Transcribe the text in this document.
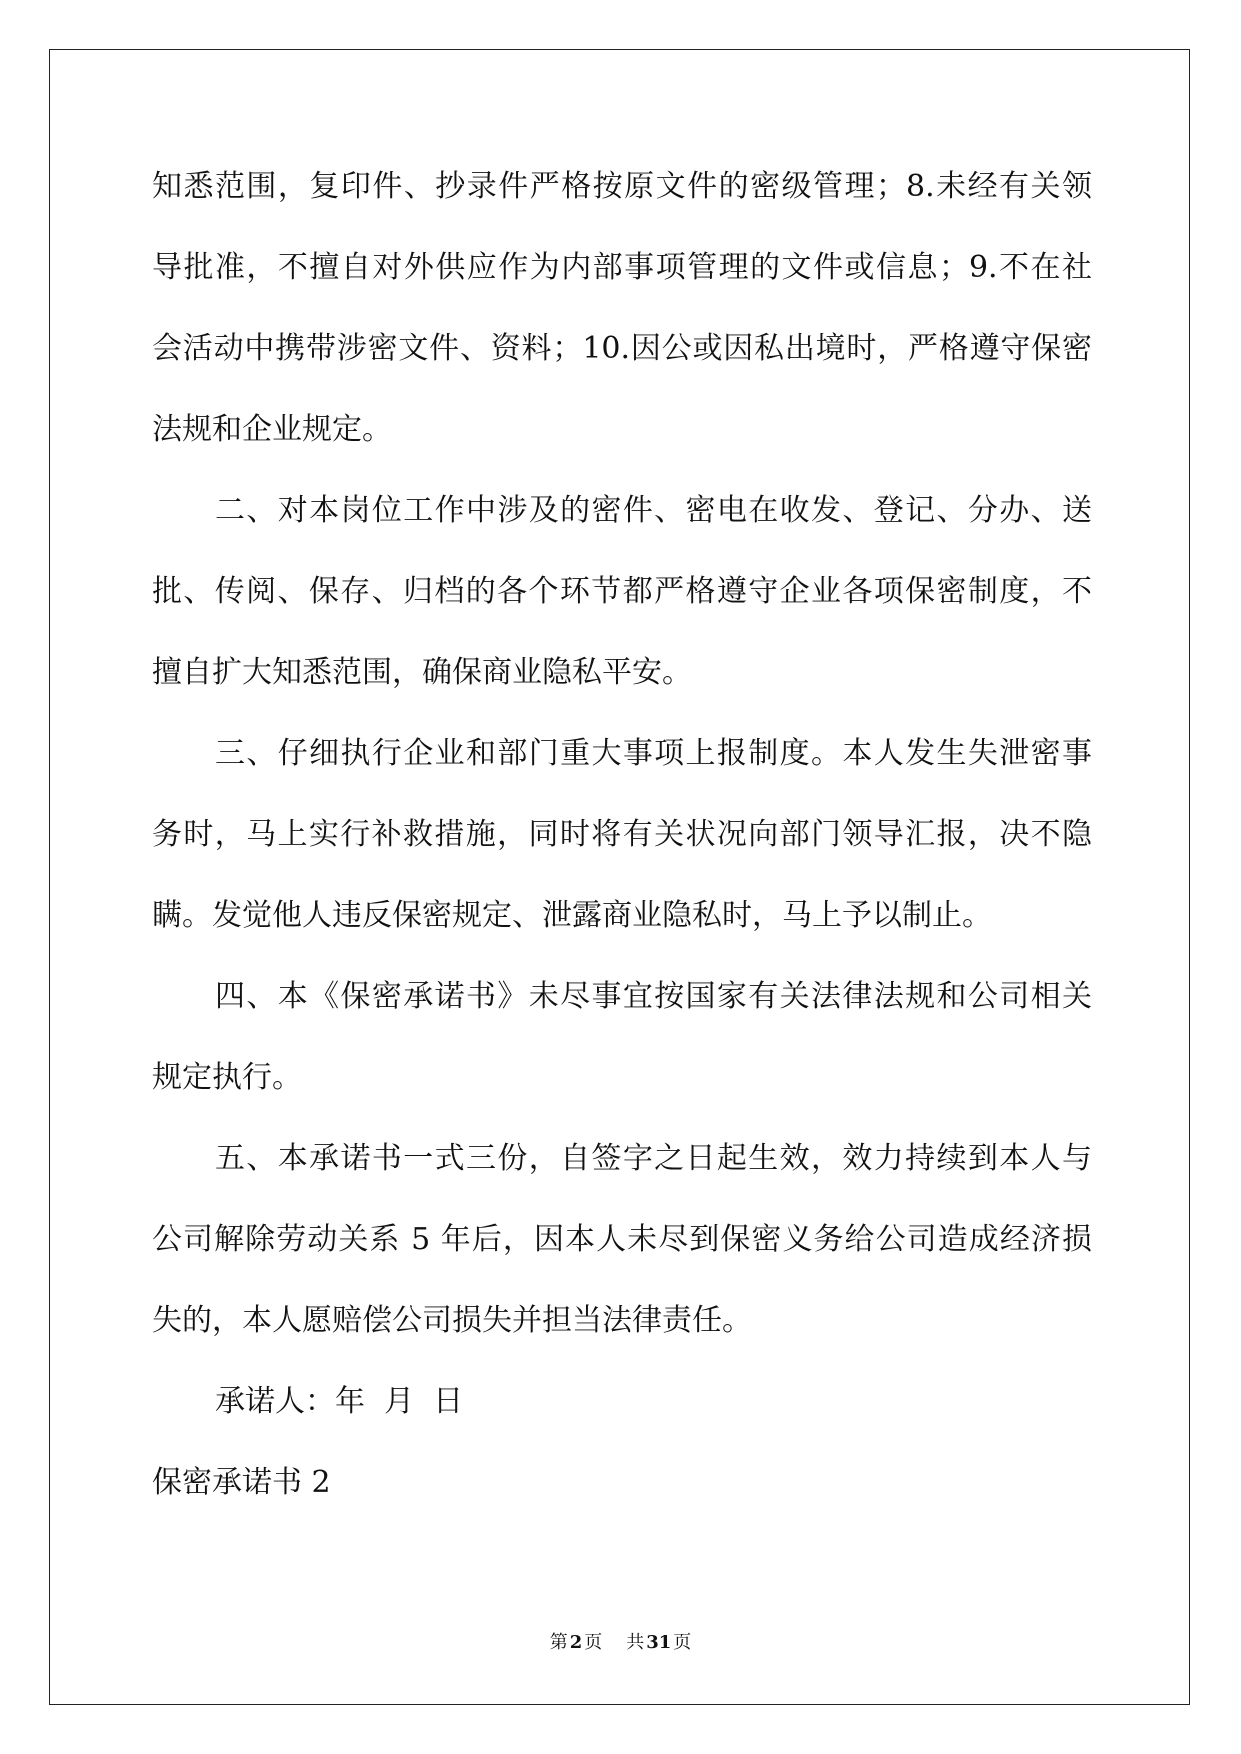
知悉范围，复印件、抄录件严格按原文件的密级管理；8.未经有关领
导批准，不擅自对外供应作为内部事项管理的文件或信息；9.不在社
会活动中携带涉密文件、资料；10.因公或因私出境时，严格遵守保密
法规和企业规定。
二、对本岗位工作中涉及的密件、密电在收发、登记、分办、送
批、传阅、保存、归档的各个环节都严格遵守企业各项保密制度，不
擅自扩大知悉范围，确保商业隐私平安。
三、仔细执行企业和部门重大事项上报制度。本人发生失泄密事
务时，马上实行补救措施，同时将有关状况向部门领导汇报，决不隐
瞒。发觉他人违反保密规定、泄露商业隐私时，马上予以制止。
四、本《保密承诺书》未尽事宜按国家有关法律法规和公司相关
规定执行。
五、本承诺书一式三份，自签字之日起生效，效力持续到本人与
公司解除劳动关系 5 年后，因本人未尽到保密义务给公司造成经济损
失的，本人愿赔偿公司损失并担当法律责任。
承诺人：年  月  日
保密承诺书 2
第 2 页 共 31 页
